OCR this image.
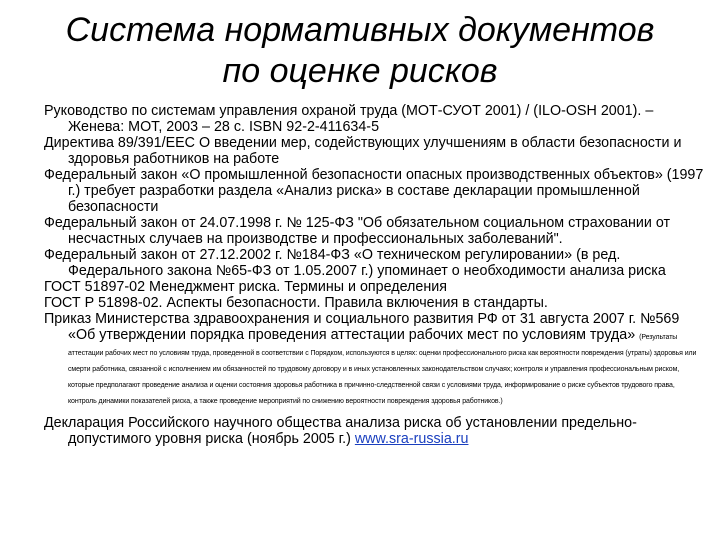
Система нормативных документов
по оценке рисков

Руководство по системам управления охраной труда (МОТ-СУОТ 2001) / (ILO-OSH 2001). – Женева: МОТ, 2003 – 28 с. ISBN 92-2-411634-5

Директива 89/391/EEC О введении мер, содействующих улучшениям в области безопасности и здоровья работников на работе

Федеральный закон «О промышленной безопасности опасных производственных объектов» (1997 г.) требует разработки раздела «Анализ риска» в составе декларации промышленной безопасности

Федеральный закон от 24.07.1998 г. № 125-ФЗ "Об обязательном социальном страховании от несчастных случаев на производстве и профессиональных заболеваний".

Федеральный закон от 27.12.2002 г. №184-ФЗ «О техническом регулировании» (в ред. Федерального закона №65-ФЗ от 1.05.2007 г.) упоминает о необходимости анализа риска

ГОСТ 51897-02 Менеджмент риска. Термины и определения

ГОСТ Р 51898-02. Аспекты безопасности. Правила включения в стандарты.

Приказ Министерства здравоохранения и социального развития РФ от 31 августа 2007 г. №569 «Об утверждении порядка проведения аттестации рабочих мест по условиям труда» (Результаты аттестации рабочих мест по условиям труда, проведенной в соответствии с Порядком, используются в целях: оценки профессионального риска как вероятности повреждения (утраты) здоровья или смерти работника, связанной с исполнением им обязанностей по трудовому договору и в иных установленных законодательством случаях; контроля и управления профессиональным риском, которые предполагают проведение анализа и оценки состояния здоровья работника в причинно-следственной связи с условиями труда, информирование о риске субъектов трудового права, контроль динамики показателей риска, а также проведение мероприятий по снижению вероятности повреждения здоровья работников.)

Декларация Российского научного общества анализа риска об установлении предельно-допустимого уровня риска (ноябрь 2005 г.) www.sra-russia.ru
